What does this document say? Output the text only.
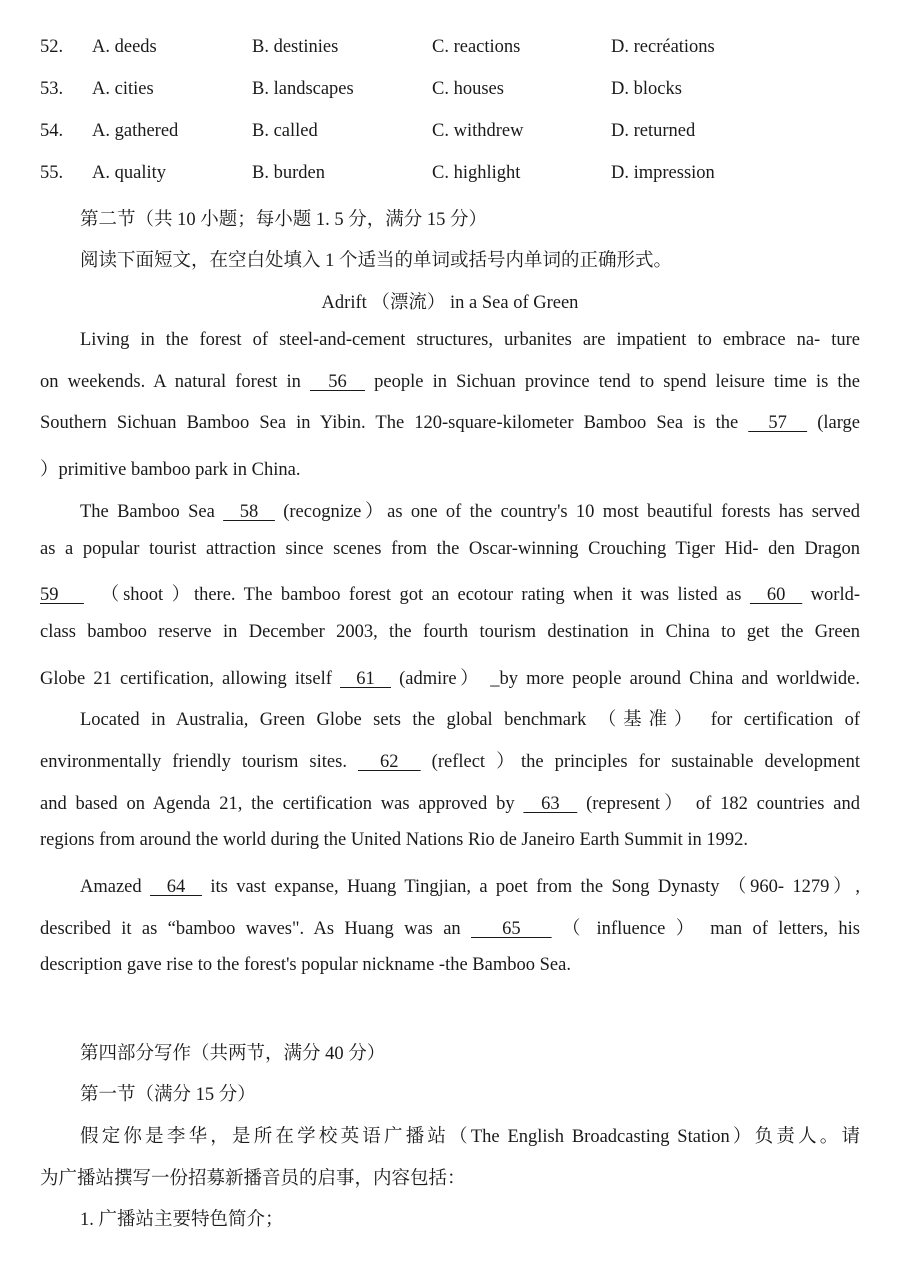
52. A. deeds	B. destinies	C. reactions	D. recréations
53. A. cities	B. landscapes	C. houses	D. blocks
54. A. gathered	B. called	C. withdrew	D. returned
55. A. quality	B. burden	C. highlight	D. impression
第二节（共 10 小题；每小题 1. 5 分，满分 15 分）
阅读下面短文，在空白处填入 1 个适当的单词或括号内单词的正确形式。
Adrift （漂流） in a Sea of Green
Living in the forest of steel-and-cement structures, urbanites are impatient to embrace na- ture
on weekends. A natural forest in   56   people in Sichuan province tend to spend leisure time is the
Southern Sichuan Bamboo Sea in Yibin. The 120-square-kilometer Bamboo Sea is the   57   (large
）primitive bamboo park in China.
The Bamboo Sea   58   (recognize）as one of the country's 10 most beautiful forests has served
as a popular tourist attraction since scenes from the Oscar-winning Crouching Tiger Hid- den Dragon
59     （shoot ）there. The bamboo forest got an ecotour rating when it was listed as   60   world-
class bamboo reserve in December 2003, the fourth tourism destination in China to get the Green
Globe 21 certification, allowing itself   61   (admire） _by more people around China and worldwide.
Located in Australia, Green Globe sets the global benchmark （基准） for certification of
environmentally friendly tourism sites.   62   (reflect ）the principles for sustainable development
and based on Agenda 21, the certification was approved by   63   (represent） of 182 countries and
regions from around the world during the United Nations Rio de Janeiro Earth Summit in 1992.
Amazed   64   its vast expanse, Huang Tingjian, a poet from the Song Dynasty （960- 1279）,
described it as “bamboo waves". As Huang was an    65    （ influence ） man of letters, his
description gave rise to the forest's popular nickname -the Bamboo Sea.
第四部分写作（共两节，满分 40 分）
第一节（满分 15 分）
假定你是李华，是所在学校英语广播站（The English Broadcasting Station）负责人。请
为广播站撰写一份招募新播音员的启事，内容包括：
1. 广播站主要特色简介；
